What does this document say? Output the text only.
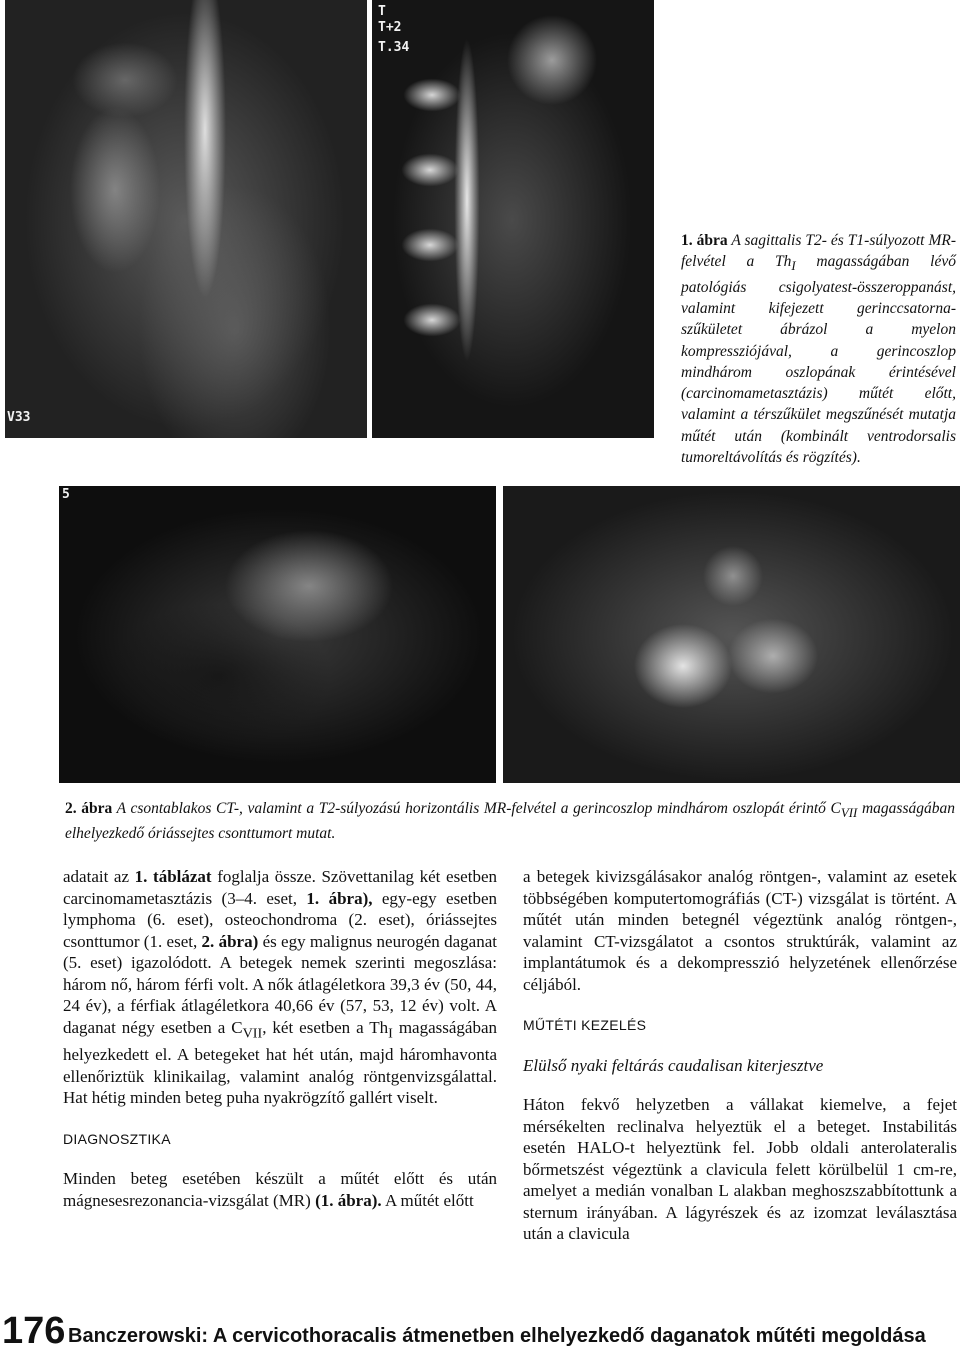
V33
T
T+2
T.34
1. ábra A sagittalis T2- és T1-súlyozott MR-felvétel a $Th_I$ magasságában lévő patológiás csigolyatest-összeroppanást, valamint kifejezett gerinccsatorna-szűkületet ábrázol a myelon kompressziójával, a gerincoszlop mindhárom oszlopának érintésével (carcinomametasztázis) műtét előtt, valamint a térszűkület megszűnését mutatja műtét után (kombinált ventrodorsalis tumoreltávolítás és rögzítés).
5
2. ábra A csontablakos CT-, valamint a T2-súlyozású horizontális MR-felvétel a gerincoszlop mindhárom oszlopát érintő $C_{VII}$ magasságában elhelyezkedő óriássejtes csonttumort mutat.

adatait az 1. táblázat foglalja össze. Szövettanilag két esetben carcinomametasztázis (3–4. eset, 1. ábra), egy-egy esetben lymphoma (6. eset), osteochondroma (2. eset), óriássejtes csonttumor (1. eset, 2. ábra) és egy malignus neurogén daganat (5. eset) igazolódott. A betegek nemek szerinti megoszlása: három nő, három férfi volt. A nők átlagéletkora 39,3 év (50, 44, 24 év), a férfiak átlagéletkora 40,66 év (57, 53, 12 év) volt. A daganat négy esetben a $C_{VII}$, két esetben a $Th_I$ magasságában helyezkedett el. A betegeket hat hét után, majd háromhavonta ellenőriztük klinikailag, valamint analóg röntgenvizsgálattal. Hat hétig minden beteg puha nyakrögzítő gallért viselt.

DIAGNOSZTIKA

Minden beteg esetében készült a műtét előtt és után mágnesesrezonancia-vizsgálat (MR) (1. ábra). A műtét előtt

a betegek kivizsgálásakor analóg röntgen-, valamint az esetek többségében komputertomográfiás (CT-) vizsgálat is történt. A műtét után minden betegnél végeztünk analóg röntgen-, valamint CT-vizsgálatot a csontos struktúrák, valamint az implantátumok és a dekompresszió helyzetének ellenőrzése céljából.

MŰTÉTI KEZELÉS
Elülső nyaki feltárás caudalisan kiterjesztve

Háton fekvő helyzetben a vállakat kiemelve, a fejet mérsékelten reclinalva helyeztük el a beteget. Instabilitás esetén HALO-t helyeztünk fel. Jobb oldali anterolateralis bőrmetszést végeztünk a clavicula felett körülbelül 1 cm-re, amelyet a medián vonalban L alakban meghoszszabbítottunk a sternum irányában. A lágyrészek és az izomzat leválasztása után a clavicula

176 Banczerowski: A cervicothoracalis átmenetben elhelyezkedő daganatok műtéti megoldása
